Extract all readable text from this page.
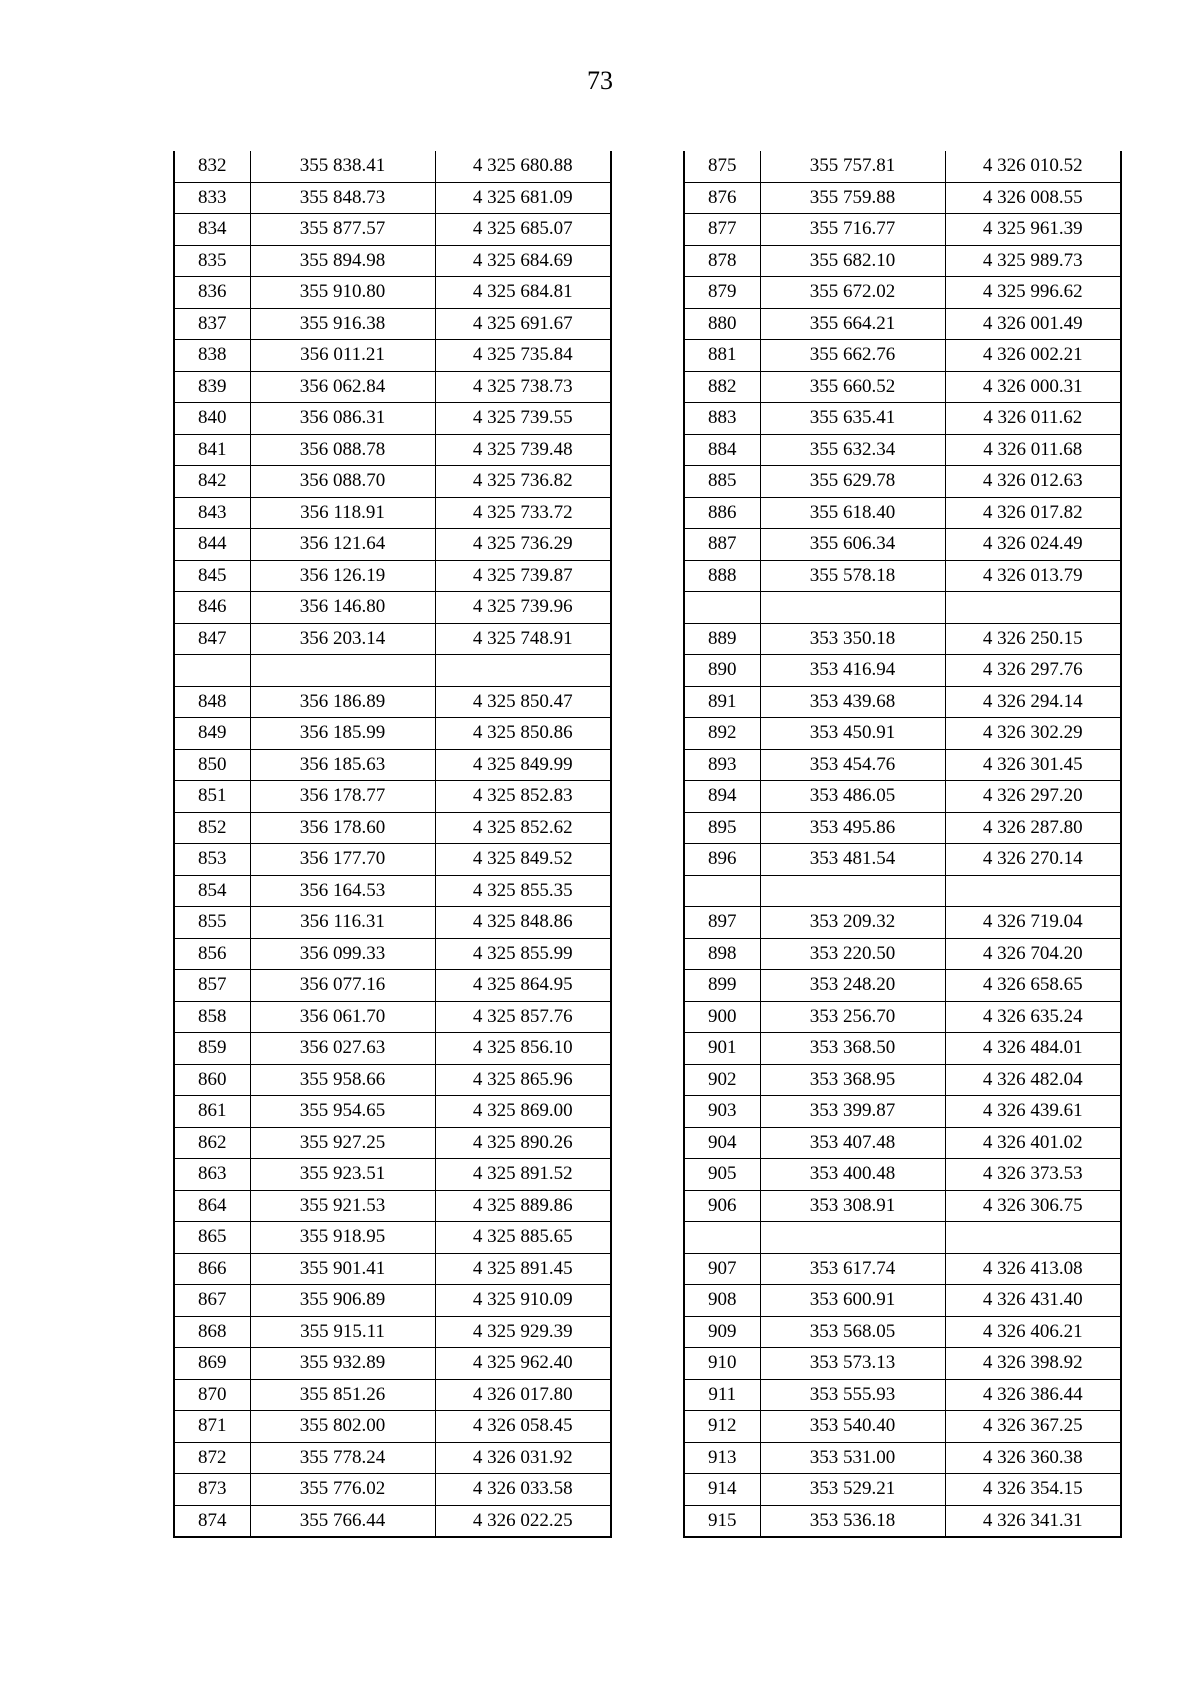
73
832	355 838.41	4 325 680.88
833	355 848.73	4 325 681.09
834	355 877.57	4 325 685.07
835	355 894.98	4 325 684.69
836	355 910.80	4 325 684.81
837	355 916.38	4 325 691.67
838	356 011.21	4 325 735.84
839	356 062.84	4 325 738.73
840	356 086.31	4 325 739.55
841	356 088.78	4 325 739.48
842	356 088.70	4 325 736.82
843	356 118.91	4 325 733.72
844	356 121.64	4 325 736.29
845	356 126.19	4 325 739.87
846	356 146.80	4 325 739.96
847	356 203.14	4 325 748.91

848	356 186.89	4 325 850.47
849	356 185.99	4 325 850.86
850	356 185.63	4 325 849.99
851	356 178.77	4 325 852.83
852	356 178.60	4 325 852.62
853	356 177.70	4 325 849.52
854	356 164.53	4 325 855.35
855	356 116.31	4 325 848.86
856	356 099.33	4 325 855.99
857	356 077.16	4 325 864.95
858	356 061.70	4 325 857.76
859	356 027.63	4 325 856.10
860	355 958.66	4 325 865.96
861	355 954.65	4 325 869.00
862	355 927.25	4 325 890.26
863	355 923.51	4 325 891.52
864	355 921.53	4 325 889.86
865	355 918.95	4 325 885.65
866	355 901.41	4 325 891.45
867	355 906.89	4 325 910.09
868	355 915.11	4 325 929.39
869	355 932.89	4 325 962.40
870	355 851.26	4 326 017.80
871	355 802.00	4 326 058.45
872	355 778.24	4 326 031.92
873	355 776.02	4 326 033.58
874	355 766.44	4 326 022.25
875	355 757.81	4 326 010.52
876	355 759.88	4 326 008.55
877	355 716.77	4 325 961.39
878	355 682.10	4 325 989.73
879	355 672.02	4 325 996.62
880	355 664.21	4 326 001.49
881	355 662.76	4 326 002.21
882	355 660.52	4 326 000.31
883	355 635.41	4 326 011.62
884	355 632.34	4 326 011.68
885	355 629.78	4 326 012.63
886	355 618.40	4 326 017.82
887	355 606.34	4 326 024.49
888	355 578.18	4 326 013.79

889	353 350.18	4 326 250.15
890	353 416.94	4 326 297.76
891	353 439.68	4 326 294.14
892	353 450.91	4 326 302.29
893	353 454.76	4 326 301.45
894	353 486.05	4 326 297.20
895	353 495.86	4 326 287.80
896	353 481.54	4 326 270.14

897	353 209.32	4 326 719.04
898	353 220.50	4 326 704.20
899	353 248.20	4 326 658.65
900	353 256.70	4 326 635.24
901	353 368.50	4 326 484.01
902	353 368.95	4 326 482.04
903	353 399.87	4 326 439.61
904	353 407.48	4 326 401.02
905	353 400.48	4 326 373.53
906	353 308.91	4 326 306.75

907	353 617.74	4 326 413.08
908	353 600.91	4 326 431.40
909	353 568.05	4 326 406.21
910	353 573.13	4 326 398.92
911	353 555.93	4 326 386.44
912	353 540.40	4 326 367.25
913	353 531.00	4 326 360.38
914	353 529.21	4 326 354.15
915	353 536.18	4 326 341.31
